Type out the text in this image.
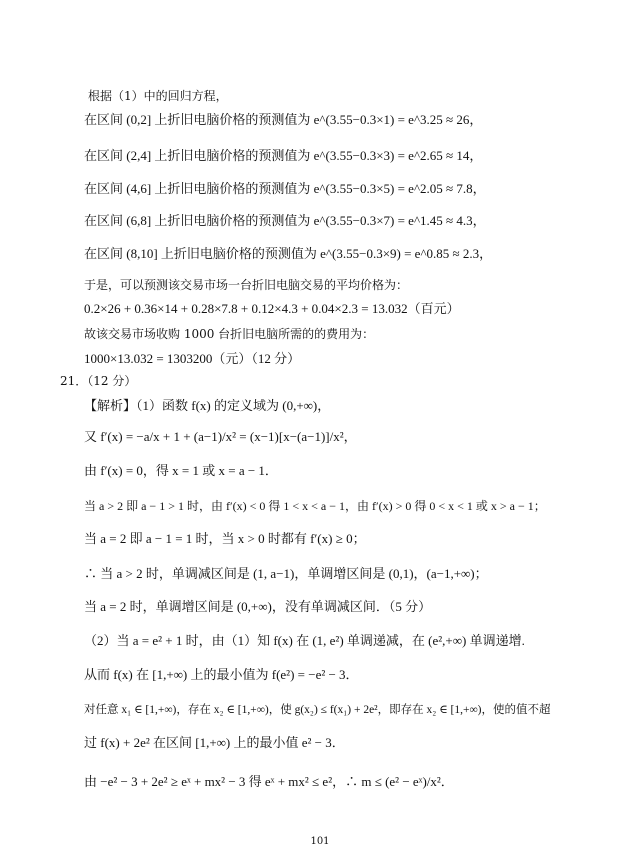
根据（1）中的回归方程，
在区间 (0,2] 上折旧电脑价格的预测值为 e^(3.55−0.3×1) = e^3.25 ≈ 26，
在区间 (2,4] 上折旧电脑价格的预测值为 e^(3.55−0.3×3) = e^2.65 ≈ 14，
在区间 (4,6] 上折旧电脑价格的预测值为 e^(3.55−0.3×5) = e^2.05 ≈ 7.8，
在区间 (6,8] 上折旧电脑价格的预测值为 e^(3.55−0.3×7) = e^1.45 ≈ 4.3，
在区间 (8,10] 上折旧电脑价格的预测值为 e^(3.55−0.3×9) = e^0.85 ≈ 2.3，
于是，可以预测该交易市场一台折旧电脑交易的平均价格为：
0.2×26 + 0.36×14 + 0.28×7.8 + 0.12×4.3 + 0.04×2.3 = 13.032（百元）
故该交易市场收购 1000 台折旧电脑所需的的费用为：
1000×13.032 = 1303200（元）（12 分）
21．（12 分）
【解析】（1）函数 f(x) 的定义域为 (0,+∞)，
又 f′(x) = −a/x + 1 + (a−1)/x² = (x−1)[x−(a−1)]/x²，
由 f′(x) = 0，得 x = 1 或 x = a − 1．
当 a > 2 即 a − 1 > 1 时，由 f′(x) < 0 得 1 < x < a − 1，由 f′(x) > 0 得 0 < x < 1 或 x > a − 1；
当 a = 2 即 a − 1 = 1 时，当 x > 0 时都有 f′(x) ≥ 0；
∴ 当 a > 2 时，单调减区间是 (1, a−1)，单调增区间是 (0,1)，(a−1,+∞)；
当 a = 2 时，单调增区间是 (0,+∞)，没有单调减区间．（5 分）
（2）当 a = e² + 1 时，由（1）知 f(x) 在 (1, e²) 单调递减，在 (e²,+∞) 单调递增.
从而 f(x) 在 [1,+∞) 上的最小值为 f(e²) = −e² − 3．
对任意 x₁ ∈ [1,+∞)，存在 x₂ ∈ [1,+∞)，使 g(x₂) ≤ f(x₁) + 2e²，即存在 x₂ ∈ [1,+∞)，使的值不超
过 f(x) + 2e² 在区间 [1,+∞) 上的最小值 e² − 3．
由 −e² − 3 + 2e² ≥ eˣ + mx² − 3 得 eˣ + mx² ≤ e²，∴ m ≤ (e² − eˣ)/x²．
101
